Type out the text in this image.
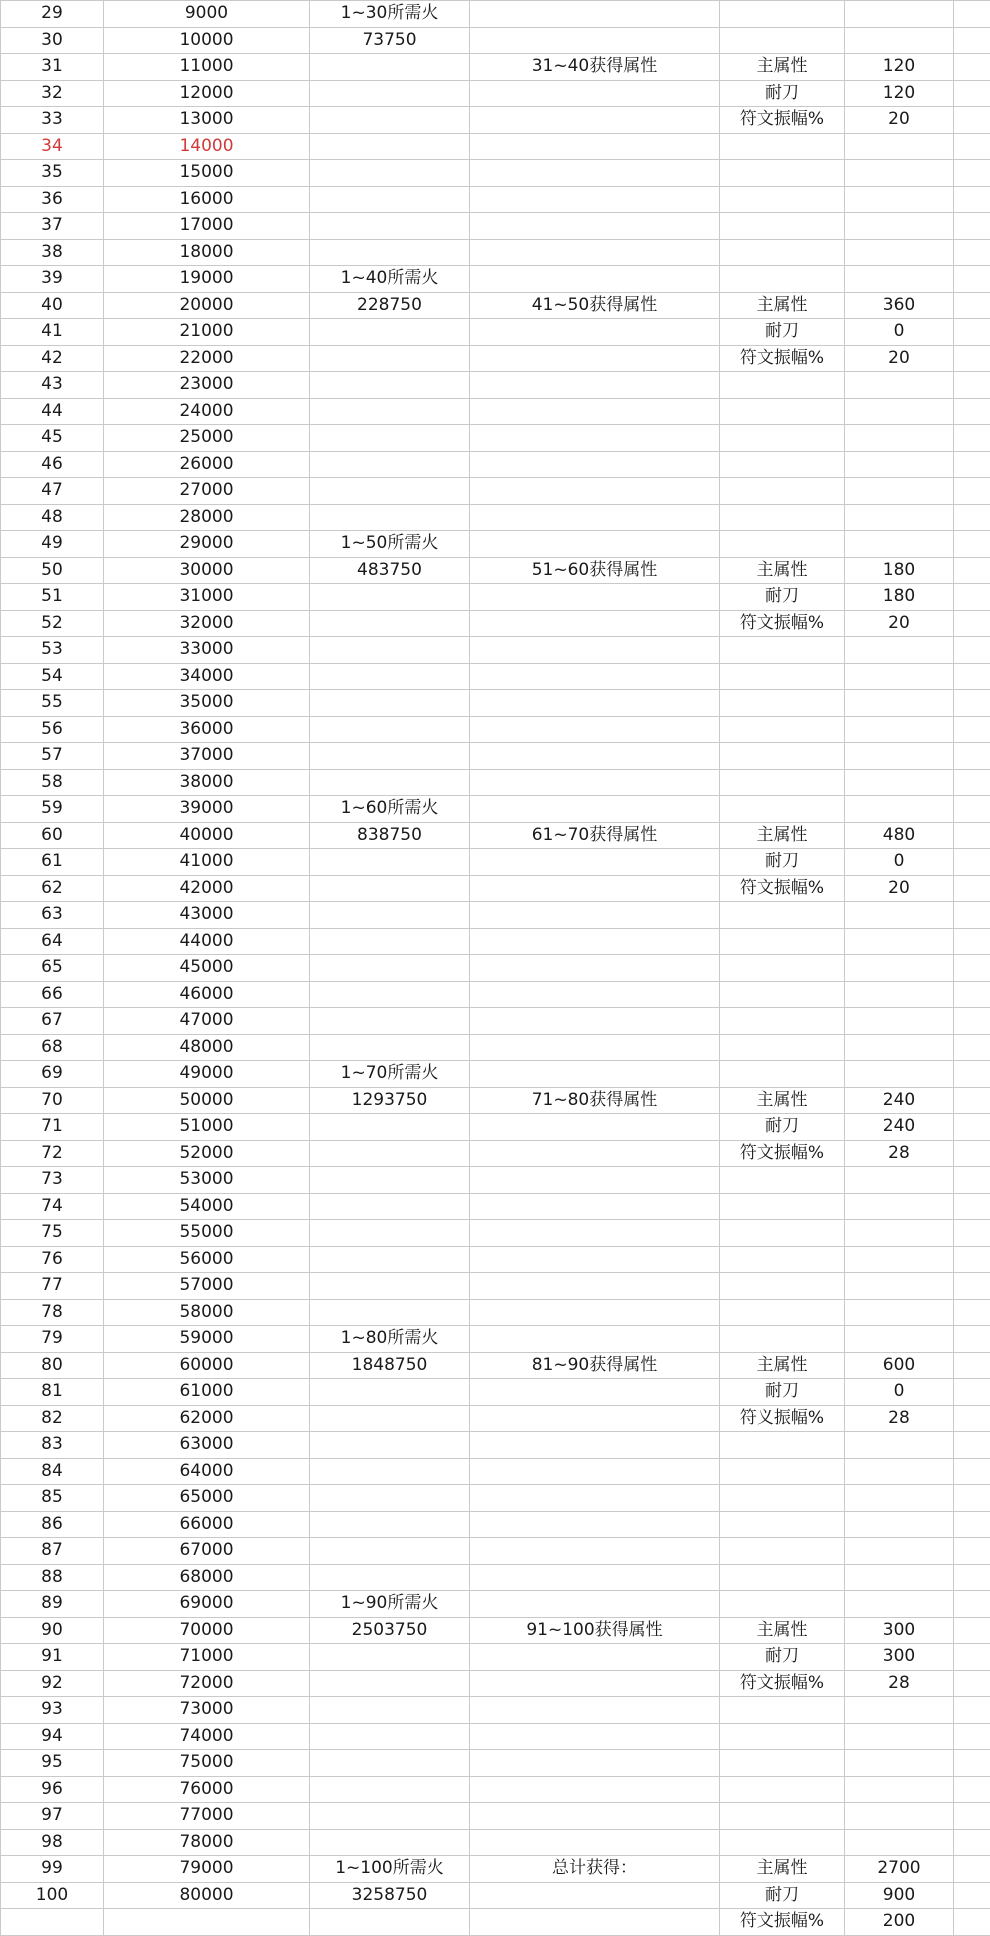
29	9000	1~30所需火				
30	10000	73750				
31	11000		31~40获得属性	主属性	120	
32	12000			耐刀	120	
33	13000			符文振幅%	20	
34	14000					
35	15000					
36	16000					
37	17000					
38	18000					
39	19000	1~40所需火				
40	20000	228750	41~50获得属性	主属性	360	
41	21000			耐刀	0	
42	22000			符文振幅%	20	
43	23000					
44	24000					
45	25000					
46	26000					
47	27000					
48	28000					
49	29000	1~50所需火				
50	30000	483750	51~60获得属性	主属性	180	
51	31000			耐刀	180	
52	32000			符文振幅%	20	
53	33000					
54	34000					
55	35000					
56	36000					
57	37000					
58	38000					
59	39000	1~60所需火				
60	40000	838750	61~70获得属性	主属性	480	
61	41000			耐刀	0	
62	42000			符文振幅%	20	
63	43000					
64	44000					
65	45000					
66	46000					
67	47000					
68	48000					
69	49000	1~70所需火				
70	50000	1293750	71~80获得属性	主属性	240	
71	51000			耐刀	240	
72	52000			符文振幅%	28	
73	53000					
74	54000					
75	55000					
76	56000					
77	57000					
78	58000					
79	59000	1~80所需火				
80	60000	1848750	81~90获得属性	主属性	600	
81	61000			耐刀	0	
82	62000			符义振幅%	28	
83	63000					
84	64000					
85	65000					
86	66000					
87	67000					
88	68000					
89	69000	1~90所需火				
90	70000	2503750	91~100获得属性	主属性	300	
91	71000			耐刀	300	
92	72000			符文振幅%	28	
93	73000					
94	74000					
95	75000					
96	76000					
97	77000					
98	78000					
99	79000	1~100所需火	总计获得：	主属性	2700	
100	80000	3258750		耐刀	900	
				符文振幅%	200	
